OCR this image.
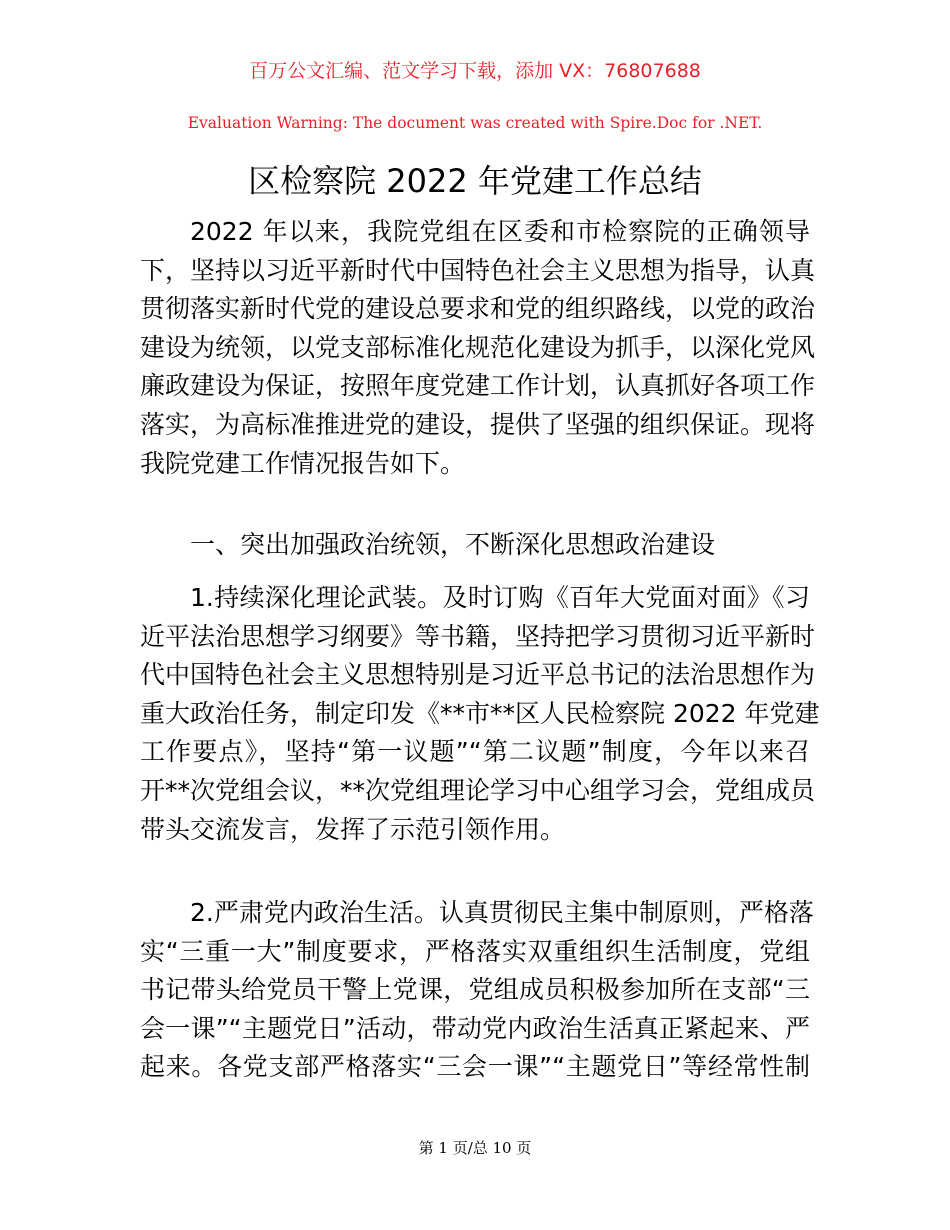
百万公文汇编、范文学习下载，添加 VX：76807688
Evaluation Warning: The document was created with Spire.Doc for .NET.
区检察院 2022 年党建工作总结
2022 年以来，我院党组在区委和市检察院的正确领导
下，坚持以习近平新时代中国特色社会主义思想为指导，认真
贯彻落实新时代党的建设总要求和党的组织路线，以党的政治
建设为统领，以党支部标准化规范化建设为抓手，以深化党风
廉政建设为保证，按照年度党建工作计划，认真抓好各项工作
落实，为高标准推进党的建设，提供了坚强的组织保证。现将
我院党建工作情况报告如下。
一、突出加强政治统领，不断深化思想政治建设
1.持续深化理论武装。及时订购《百年大党面对面》《习
近平法治思想学习纲要》等书籍，坚持把学习贯彻习近平新时
代中国特色社会主义思想特别是习近平总书记的法治思想作为
重大政治任务，制定印发《**市**区人民检察院 2022 年党建
工作要点》，坚持“第一议题”“第二议题”制度，今年以来召
开**次党组会议，**次党组理论学习中心组学习会，党组成员
带头交流发言，发挥了示范引领作用。
2.严肃党内政治生活。认真贯彻民主集中制原则，严格落
实“三重一大”制度要求，严格落实双重组织生活制度，党组
书记带头给党员干警上党课，党组成员积极参加所在支部“三
会一课”“主题党日”活动，带动党内政治生活真正紧起来、严
起来。各党支部严格落实“三会一课”“主题党日”等经常性制
第 1 页/总 10 页
